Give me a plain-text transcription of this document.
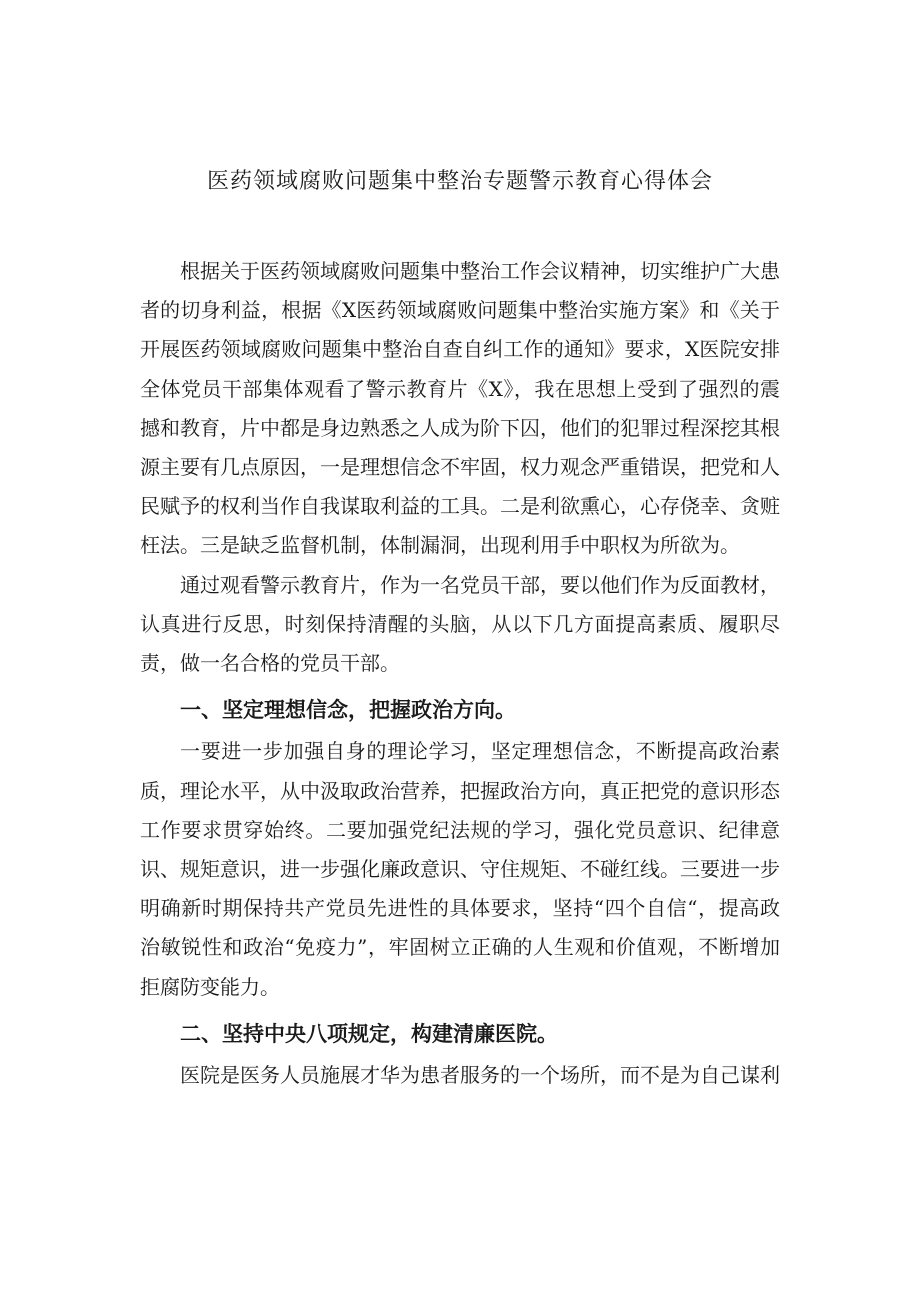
医药领域腐败问题集中整治专题警示教育心得体会

根据关于医药领域腐败问题集中整治工作会议精神，切实维护广大患者的切身利益，根据《X医药领域腐败问题集中整治实施方案》和《关于开展医药领域腐败问题集中整治自查自纠工作的通知》要求，X医院安排全体党员干部集体观看了警示教育片《X》，我在思想上受到了强烈的震撼和教育，片中都是身边熟悉之人成为阶下囚，他们的犯罪过程深挖其根源主要有几点原因，一是理想信念不牢固，权力观念严重错误，把党和人民赋予的权利当作自我谋取利益的工具。二是利欲熏心，心存侥幸、贪赃枉法。三是缺乏监督机制，体制漏洞，出现利用手中职权为所欲为。

通过观看警示教育片，作为一名党员干部，要以他们作为反面教材，认真进行反思，时刻保持清醒的头脑，从以下几方面提高素质、履职尽责，做一名合格的党员干部。

一、坚定理想信念，把握政治方向。

一要进一步加强自身的理论学习，坚定理想信念，不断提高政治素质，理论水平，从中汲取政治营养，把握政治方向，真正把党的意识形态工作要求贯穿始终。二要加强党纪法规的学习，强化党员意识、纪律意识、规矩意识，进一步强化廉政意识、守住规矩、不碰红线。三要进一步明确新时期保持共产党员先进性的具体要求，坚持“四个自信“，提高政治敏锐性和政治“免疫力”，牢固树立正确的人生观和价值观，不断增加拒腐防变能力。

二、坚持中央八项规定，构建清廉医院。

医院是医务人员施展才华为患者服务的一个场所，而不是为自己谋利
